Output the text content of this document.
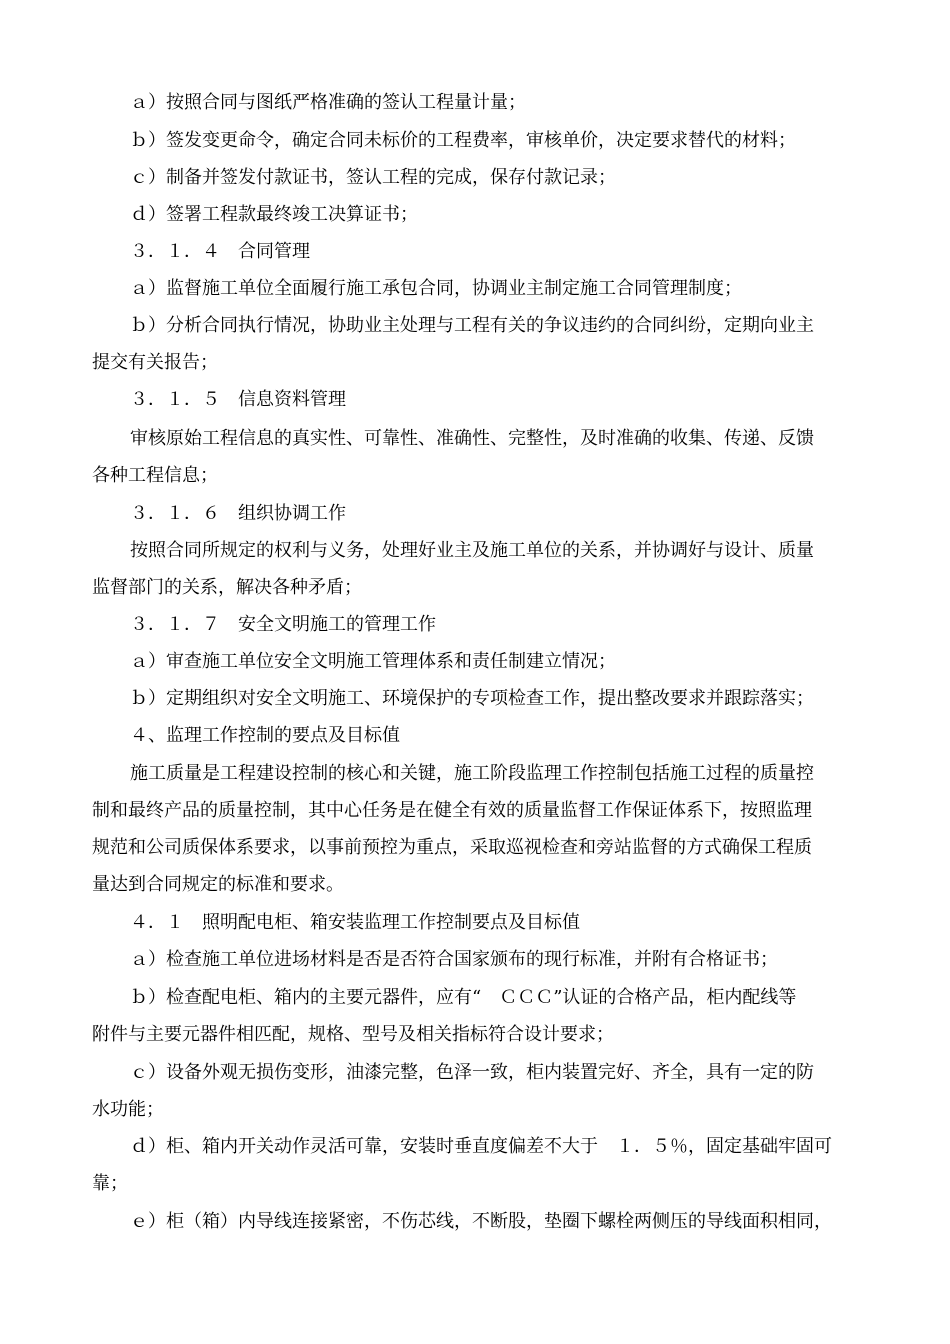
ａ）按照合同与图纸严格准确的签认工程量计量；
ｂ）签发变更命令，确定合同未标价的工程费率，审核单价，决定要求替代的材料；
ｃ）制备并签发付款证书，签认工程的完成，保存付款记录；
ｄ）签署工程款最终竣工决算证书；
３．１．４　合同管理
ａ）监督施工单位全面履行施工承包合同，协调业主制定施工合同管理制度；
ｂ）分析合同执行情况，协助业主处理与工程有关的争议违约的合同纠纷，定期向业主
提交有关报告；
３．１．５　信息资料管理
审核原始工程信息的真实性、可靠性、准确性、完整性，及时准确的收集、传递、反馈
各种工程信息；
３．１．６　组织协调工作
按照合同所规定的权利与义务，处理好业主及施工单位的关系，并协调好与设计、质量
监督部门的关系，解决各种矛盾；
３．１．７　安全文明施工的管理工作
ａ）审查施工单位安全文明施工管理体系和责任制建立情况；
ｂ）定期组织对安全文明施工、环境保护的专项检查工作，提出整改要求并跟踪落实；
４、监理工作控制的要点及目标值
施工质量是工程建设控制的核心和关键，施工阶段监理工作控制包括施工过程的质量控
制和最终产品的质量控制，其中心任务是在健全有效的质量监督工作保证体系下，按照监理
规范和公司质保体系要求，以事前预控为重点，采取巡视检查和旁站监督的方式确保工程质
量达到合同规定的标准和要求。
４．１　照明配电柜、箱安装监理工作控制要点及目标值
ａ）检查施工单位进场材料是否是否符合国家颁布的现行标准，并附有合格证书；
ｂ）检查配电柜、箱内的主要元器件，应有“　ＣＣＣ”认证的合格产品，柜内配线等
附件与主要元器件相匹配，规格、型号及相关指标符合设计要求；
ｃ）设备外观无损伤变形，油漆完整，色泽一致，柜内装置完好、齐全，具有一定的防
水功能；
ｄ）柜、箱内开关动作灵活可靠，安装时垂直度偏差不大于　１．５％，固定基础牢固可
靠；
ｅ）柜（箱）内导线连接紧密，不伤芯线，不断股，垫圈下螺栓两侧压的导线面积相同，
